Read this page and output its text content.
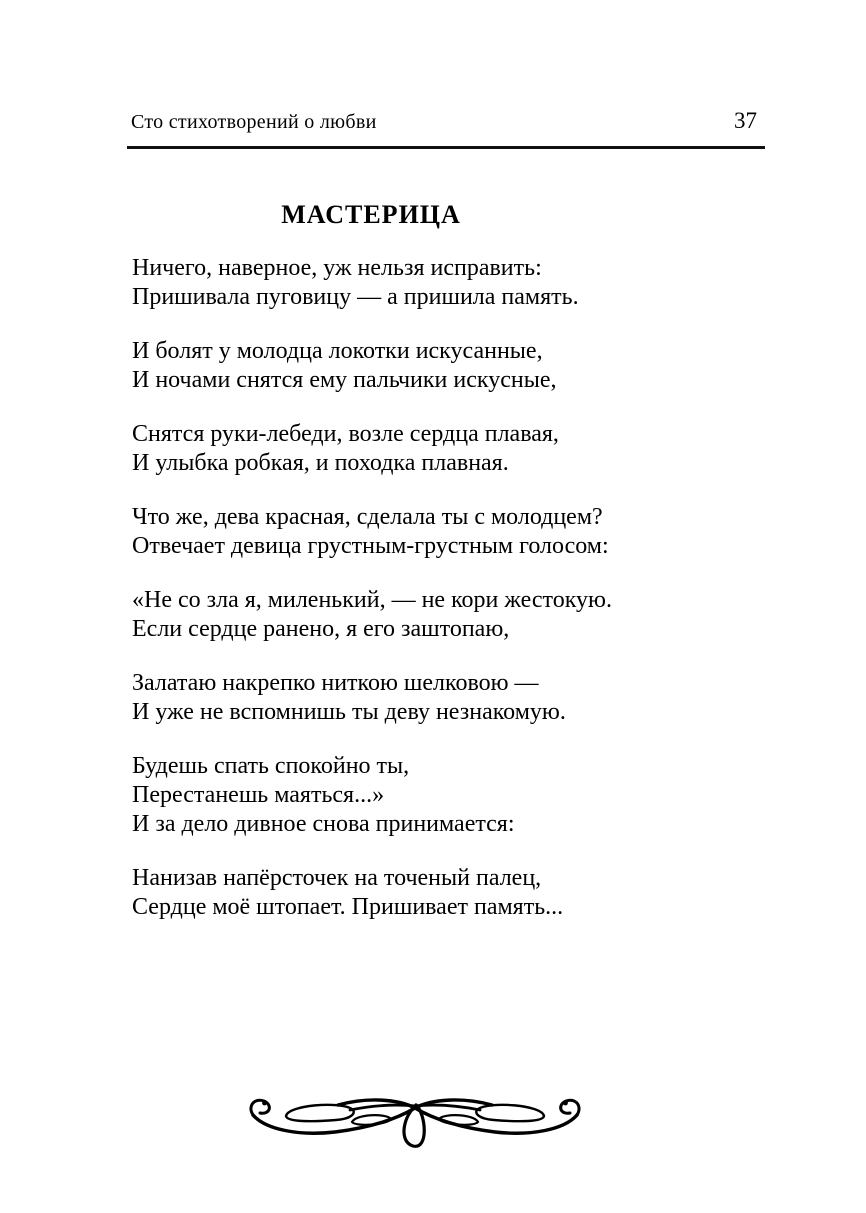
Сто стихотворений о любви	37
МАСТЕРИЦА
Ничего, наверное, уж нельзя исправить:
Пришивала пуговицу — а пришила память.
И болят у молодца локотки искусанные,
И ночами снятся ему пальчики искусные,
Снятся руки-лебеди, возле сердца плавая,
И улыбка робкая, и походка плавная.
Что же, дева красная, сделала ты с молодцем?
Отвечает девица грустным-грустным голосом:
«Не со зла я, миленький, — не кори жестокую.
Если сердце ранено, я его заштопаю,
Залатаю накрепко ниткою шелковою —
И уже не вспомнишь ты деву незнакомую.
Будешь спать спокойно ты,
Перестанешь маяться...»
И за дело дивное снова принимается:
Нанизав напёрсточек на точеный палец,
Сердце моё штопает. Пришивает память...
